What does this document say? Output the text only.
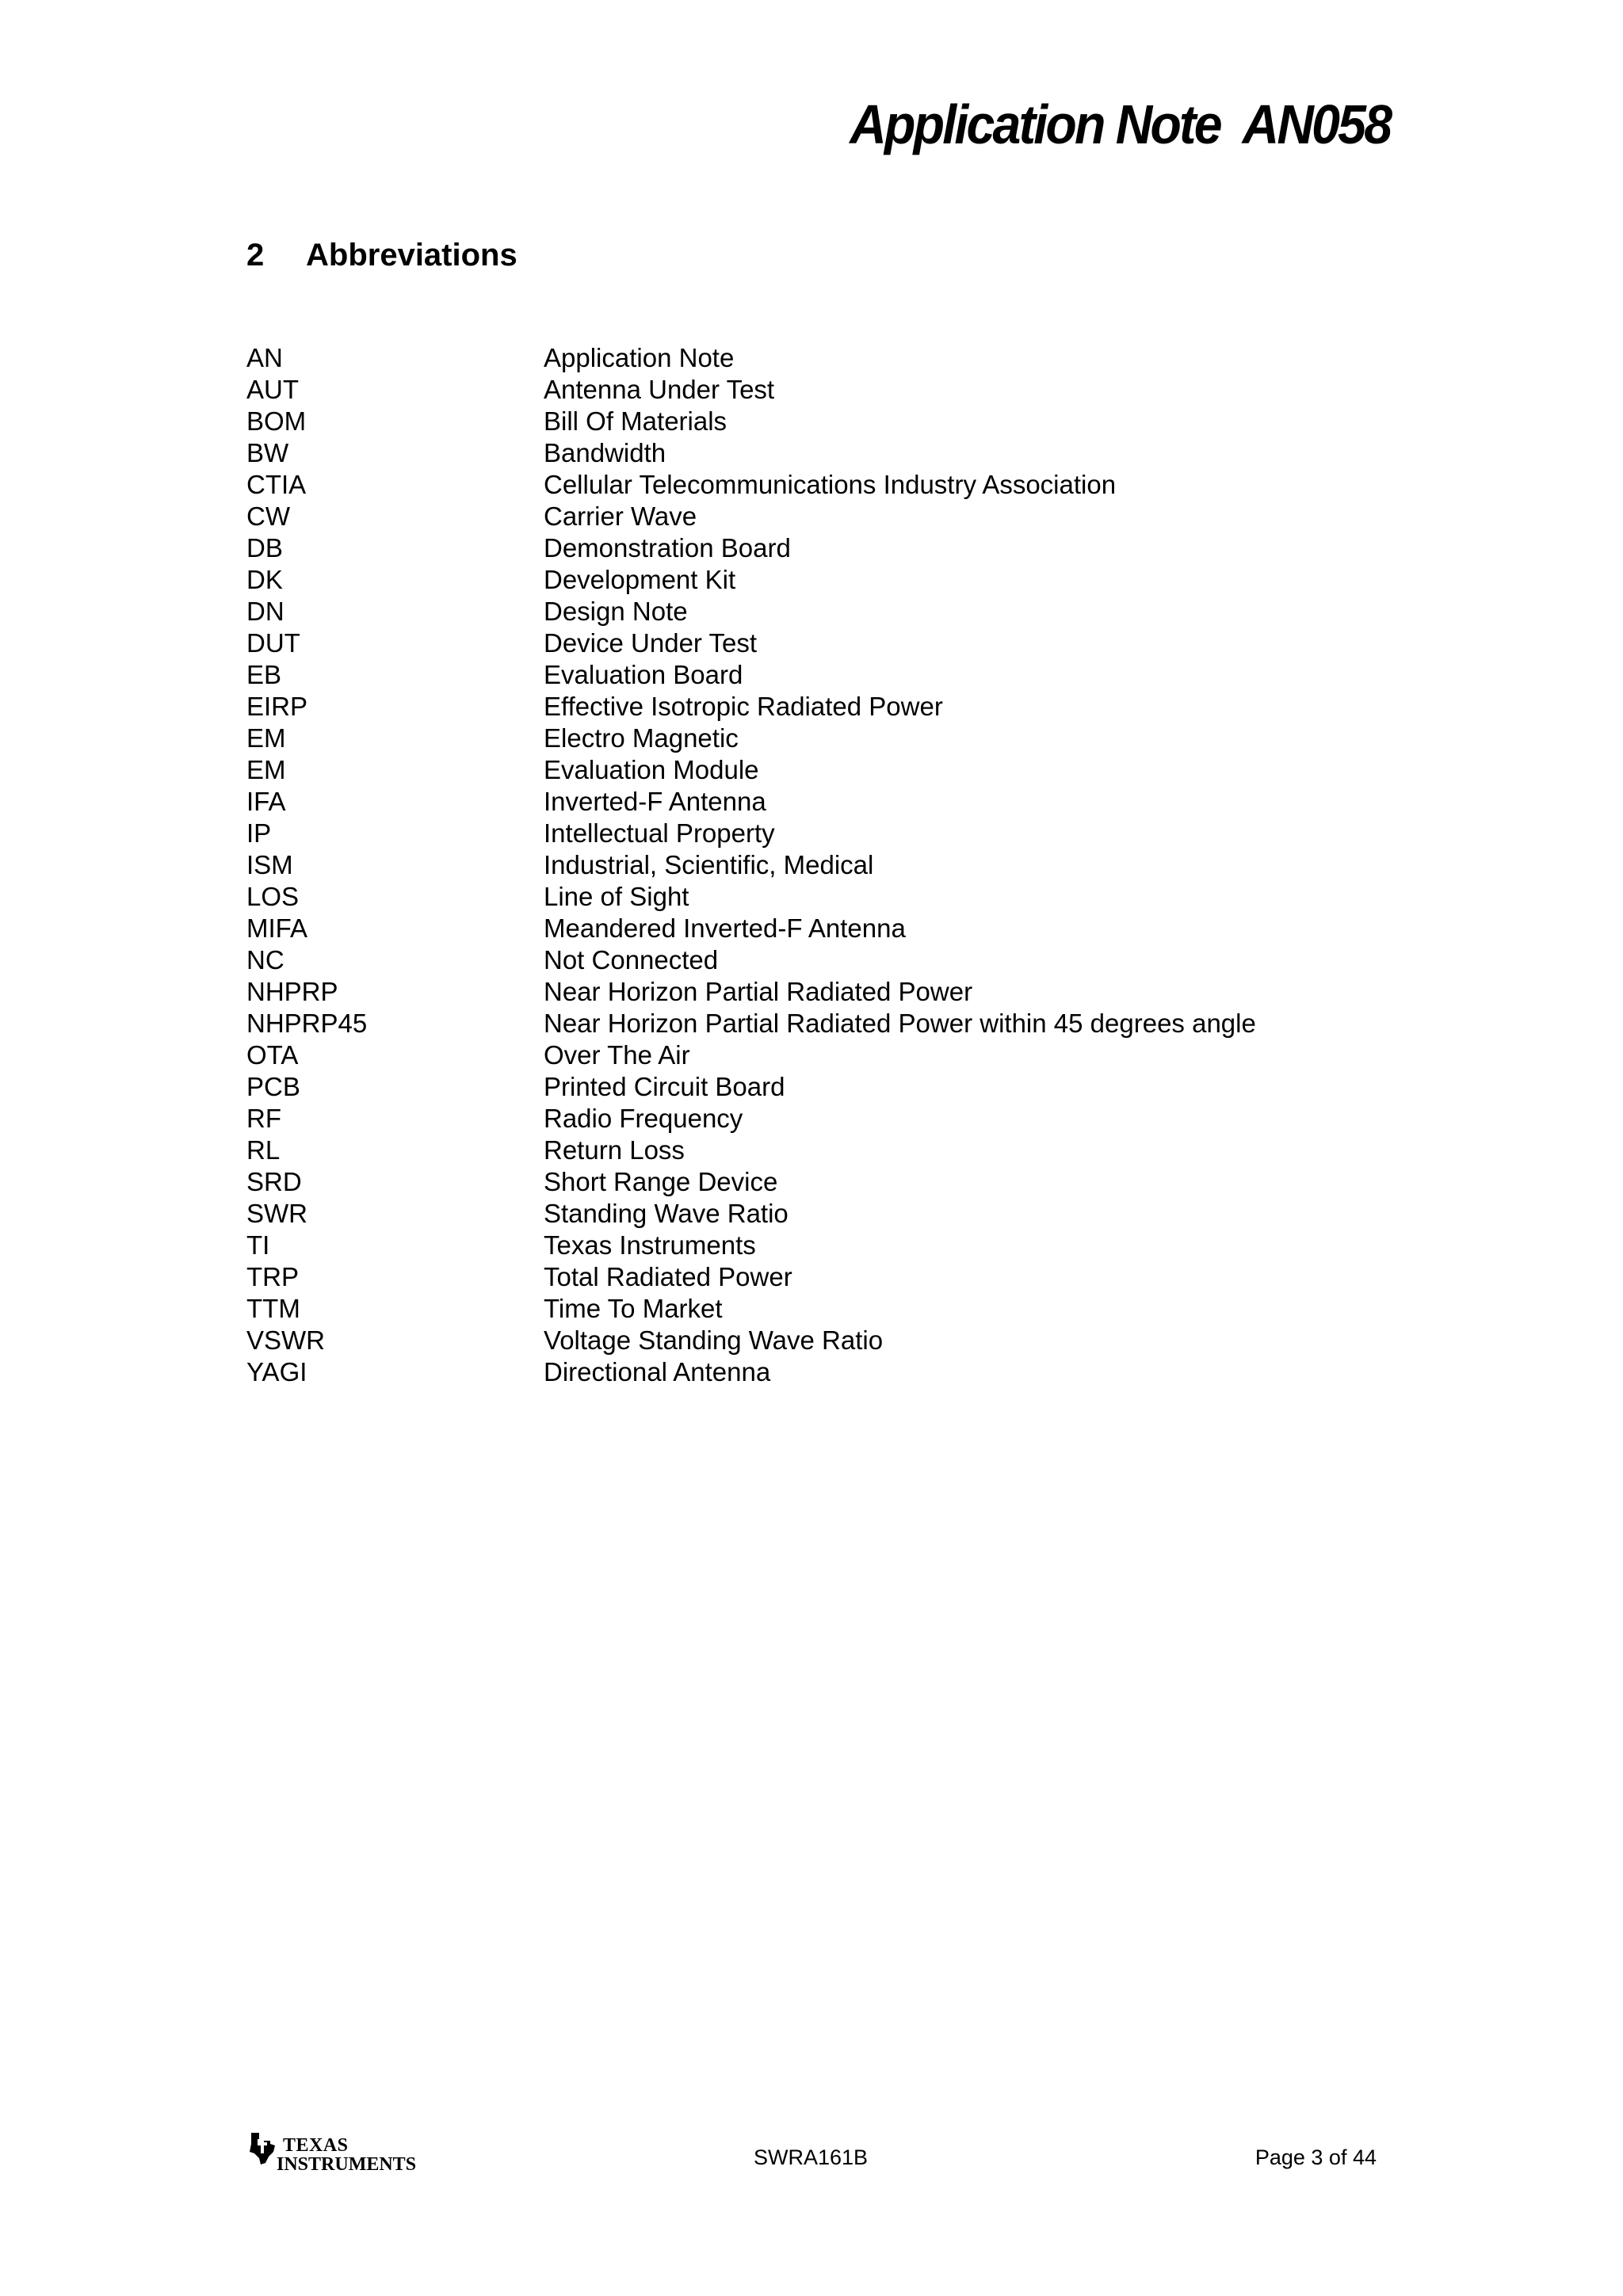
Application Note  AN058
2	Abbreviations
AN	Application Note
AUT	Antenna Under Test
BOM	Bill Of Materials
BW	Bandwidth
CTIA	Cellular Telecommunications Industry Association
CW	Carrier Wave
DB	Demonstration Board
DK	Development Kit
DN	Design Note
DUT	Device Under Test
EB	Evaluation Board
EIRP	Effective Isotropic Radiated Power
EM	Electro Magnetic
EM	Evaluation Module
IFA	Inverted-F Antenna
IP	Intellectual Property
ISM	Industrial, Scientific, Medical
LOS	Line of Sight
MIFA	Meandered Inverted-F Antenna
NC	Not Connected
NHPRP	Near Horizon Partial Radiated Power
NHPRP45	Near Horizon Partial Radiated Power within 45 degrees angle
OTA	Over The Air
PCB	Printed Circuit Board
RF	Radio Frequency
RL	Return Loss
SRD	Short Range Device
SWR	Standing Wave Ratio
TI	Texas Instruments
TRP	Total Radiated Power
TTM	Time To Market
VSWR	Voltage Standing Wave Ratio
YAGI	Directional Antenna
TEXAS
INSTRUMENTS	SWRA161B	Page 3 of 44
